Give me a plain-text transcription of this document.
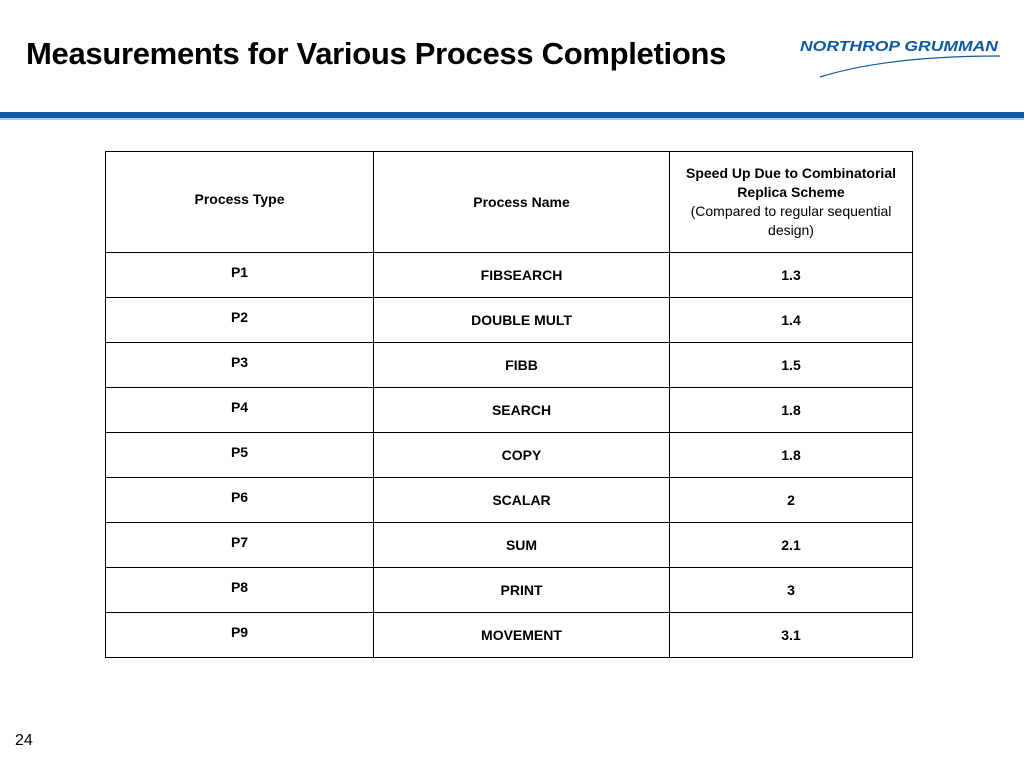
Measurements for Various Process Completions	NORTHROP GRUMMAN
Process Type	Process Name	Speed Up Due to Combinatorial Replica Scheme
(Compared to regular sequential design)

P1	FIBSEARCH	1.3
P2	DOUBLE MULT	1.4
P3	FIBB	1.5
P4	SEARCH	1.8
P5	COPY	1.8
P6	SCALAR	2
P7	SUM	2.1
P8	PRINT	3
P9	MOVEMENT	3.1
24
